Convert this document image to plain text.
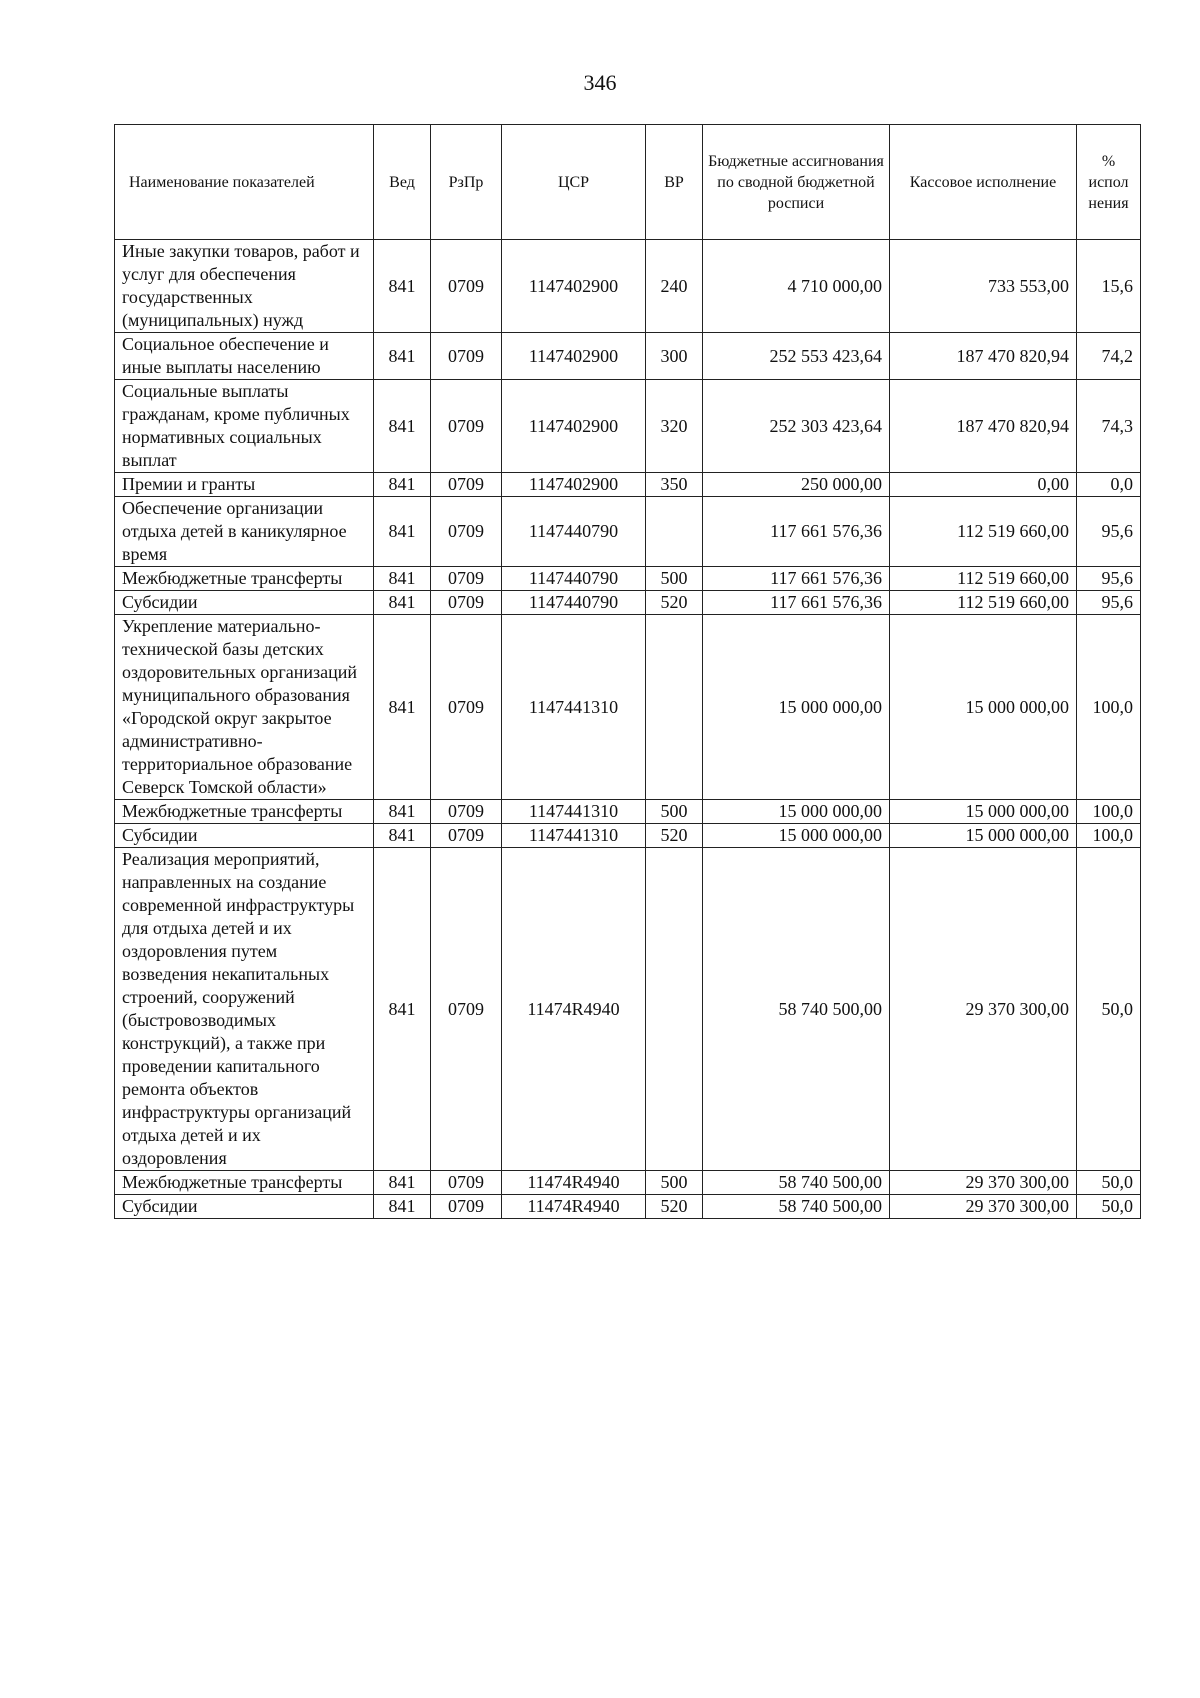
346
Наименование показателей	Вед	РзПр	ЦСР	ВР	Бюджетные ассигнования по сводной бюджетной росписи	Кассовое исполнение	% испол нения
Иные закупки товаров, работ и услуг для обеспечения государственных (муниципальных) нужд	841	0709	1147402900	240	4 710 000,00	733 553,00	15,6
Социальное обеспечение и иные выплаты населению	841	0709	1147402900	300	252 553 423,64	187 470 820,94	74,2
Социальные выплаты гражданам, кроме публичных нормативных социальных выплат	841	0709	1147402900	320	252 303 423,64	187 470 820,94	74,3
Премии и гранты	841	0709	1147402900	350	250 000,00	0,00	0,0
Обеспечение организации отдыха детей в каникулярное время	841	0709	1147440790		117 661 576,36	112 519 660,00	95,6
Межбюджетные трансферты	841	0709	1147440790	500	117 661 576,36	112 519 660,00	95,6
Субсидии	841	0709	1147440790	520	117 661 576,36	112 519 660,00	95,6
Укрепление материально-технической базы детских оздоровительных организаций муниципального образования «Городской округ закрытое административно-территориальное образование Северск Томской области»	841	0709	1147441310		15 000 000,00	15 000 000,00	100,0
Межбюджетные трансферты	841	0709	1147441310	500	15 000 000,00	15 000 000,00	100,0
Субсидии	841	0709	1147441310	520	15 000 000,00	15 000 000,00	100,0
Реализация мероприятий, направленных на создание современной инфраструктуры для отдыха детей и их оздоровления путем возведения некапитальных строений, сооружений (быстровозводимых конструкций), а также при проведении капитального ремонта объектов инфраструктуры организаций отдыха детей и их оздоровления	841	0709	11474R4940		58 740 500,00	29 370 300,00	50,0
Межбюджетные трансферты	841	0709	11474R4940	500	58 740 500,00	29 370 300,00	50,0
Субсидии	841	0709	11474R4940	520	58 740 500,00	29 370 300,00	50,0
